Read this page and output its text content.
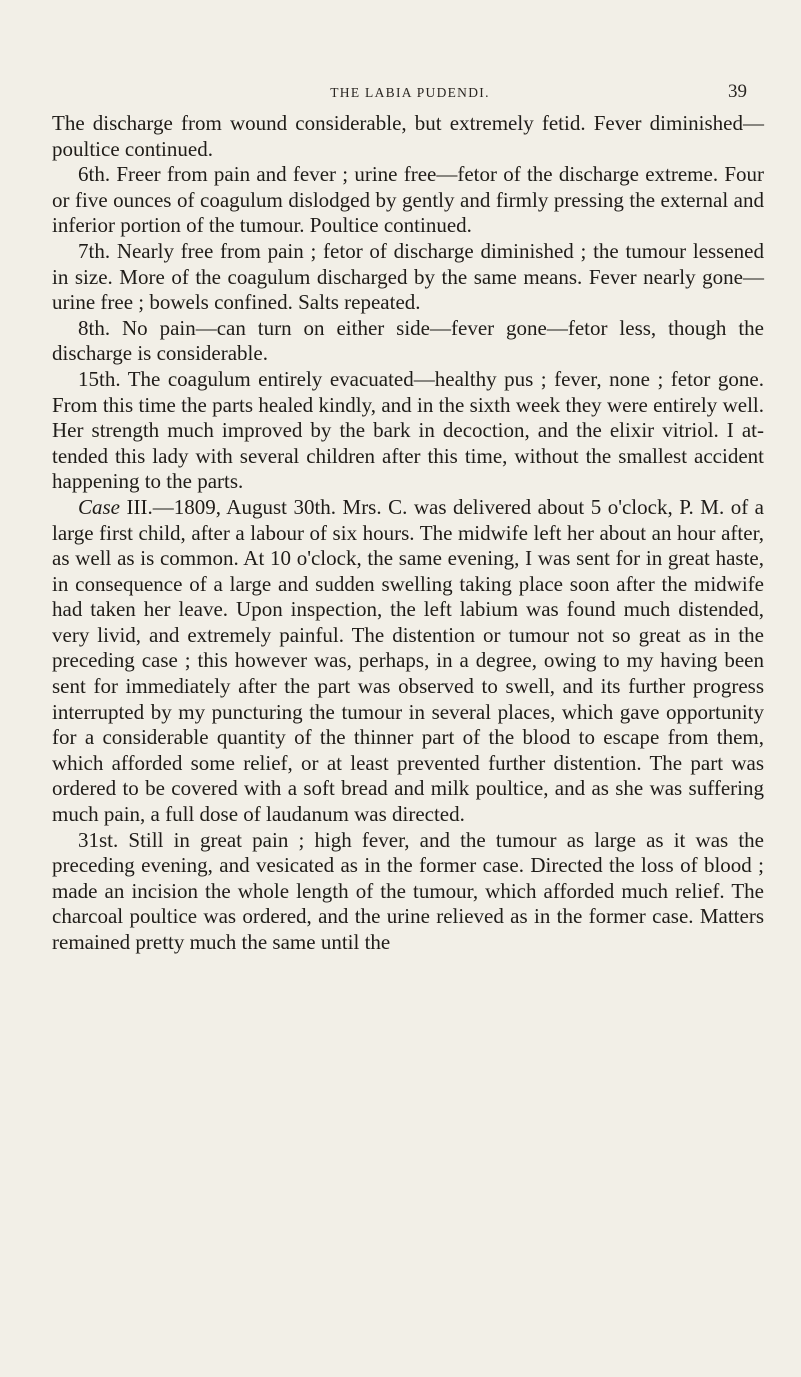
THE LABIA PUDENDI.	39

The discharge from wound considerable, but extremely fetid. Fever diminished—poultice continued.

6th. Freer from pain and fever ; urine free—fetor of the discharge extreme. Four or five ounces of coagulum dislodged by gently and firmly pressing the external and inferior portion of the tumour. Poultice continued.

7th. Nearly free from pain ; fetor of discharge diminished ; the tumour lessened in size. More of the coagulum discharged by the same means. Fever nearly gone—urine free ; bowels confined. Salts repeated.

8th. No pain—can turn on either side—fever gone—fetor less, though the discharge is considerable.

15th. The coagulum entirely evacuated—healthy pus ; fever, none ; fetor gone. From this time the parts healed kindly, and in the sixth week they were entirely well. Her strength much improved by the bark in decoction, and the elixir vitriol. I attended this lady with several children after this time, without the smallest accident happening to the parts.

Case III.—1809, August 30th. Mrs. C. was delivered about 5 o'clock, P. M. of a large first child, after a labour of six hours. The midwife left her about an hour after, as well as is common. At 10 o'clock, the same evening, I was sent for in great haste, in consequence of a large and sudden swelling taking place soon after the midwife had taken her leave. Upon inspection, the left labium was found much distended, very livid, and extremely painful. The distention or tumour not so great as in the preceding case ; this however was, perhaps, in a degree, owing to my having been sent for immediately after the part was observed to swell, and its further progress interrupted by my puncturing the tumour in several places, which gave opportunity for a considerable quantity of the thinner part of the blood to escape from them, which afforded some relief, or at least prevented further distention. The part was ordered to be covered with a soft bread and milk poultice, and as she was suffering much pain, a full dose of laudanum was directed.

31st. Still in great pain ; high fever, and the tumour as large as it was the preceding evening, and vesicated as in the former case. Directed the loss of blood ; made an incision the whole length of the tumour, which afforded much relief. The charcoal poultice was ordered, and the urine relieved as in the former case. Matters remained pretty much the same until the
